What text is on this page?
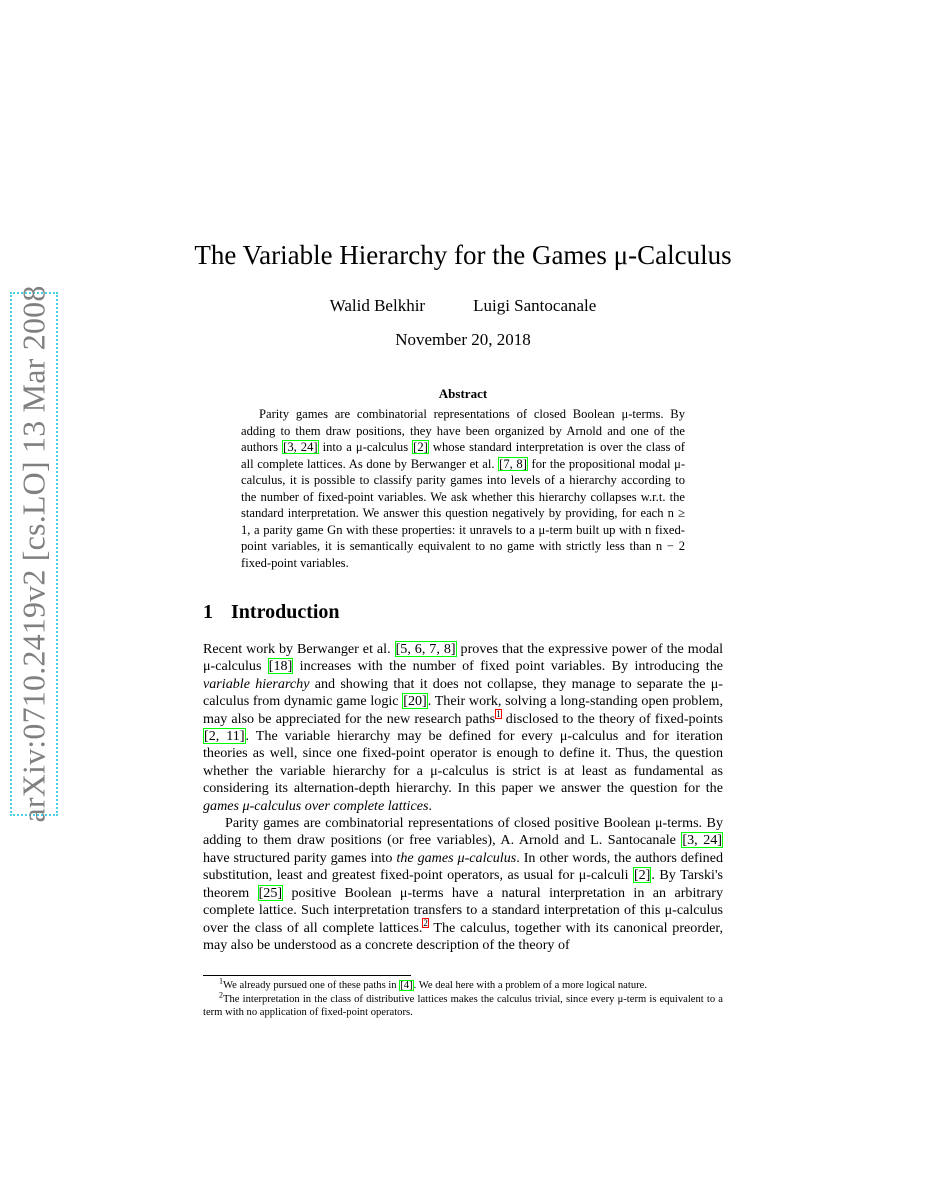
arXiv:0710.2419v2 [cs.LO] 13 Mar 2008
The Variable Hierarchy for the Games μ-Calculus
Walid Belkhir	Luigi Santocanale
November 20, 2018
Abstract

Parity games are combinatorial representations of closed Boolean μ-terms. By adding to them draw positions, they have been organized by Arnold and one of the authors [3, 24] into a μ-calculus [2] whose standard interpretation is over the class of all complete lattices. As done by Berwanger et al. [7, 8] for the propositional modal μ-calculus, it is possible to classify parity games into levels of a hierarchy according to the number of fixed-point variables. We ask whether this hierarchy collapses w.r.t. the standard interpretation. We answer this question negatively by providing, for each n ≥ 1, a parity game Gn with these properties: it unravels to a μ-term built up with n fixed-point variables, it is semantically equivalent to no game with strictly less than n − 2 fixed-point variables.

1 Introduction

Recent work by Berwanger et al. [5, 6, 7, 8] proves that the expressive power of the modal μ-calculus [18] increases with the number of fixed point variables. By introducing the variable hierarchy and showing that it does not collapse, they manage to separate the μ-calculus from dynamic game logic [20]. Their work, solving a long-standing open problem, may also be appreciated for the new research paths$^1$ disclosed to the theory of fixed-points [2, 11]. The variable hierarchy may be defined for every μ-calculus and for iteration theories as well, since one fixed-point operator is enough to define it. Thus, the question whether the variable hierarchy for a μ-calculus is strict is at least as fundamental as considering its alternation-depth hierarchy. In this paper we answer the question for the games μ-calculus over complete lattices.

Parity games are combinatorial representations of closed positive Boolean μ-terms. By adding to them draw positions (or free variables), A. Arnold and L. Santocanale [3, 24] have structured parity games into the games μ-calculus. In other words, the authors defined substitution, least and greatest fixed-point operators, as usual for μ-calculi [2]. By Tarski's theorem [25] positive Boolean μ-terms have a natural interpretation in an arbitrary complete lattice. Such interpretation transfers to a standard interpretation of this μ-calculus over the class of all complete lattices.$^2$ The calculus, together with its canonical preorder, may also be understood as a concrete description of the theory of

$^1$We already pursued one of these paths in [4]. We deal here with a problem of a more logical nature.

$^2$The interpretation in the class of distributive lattices makes the calculus trivial, since every μ-term is equivalent to a term with no application of fixed-point operators.
